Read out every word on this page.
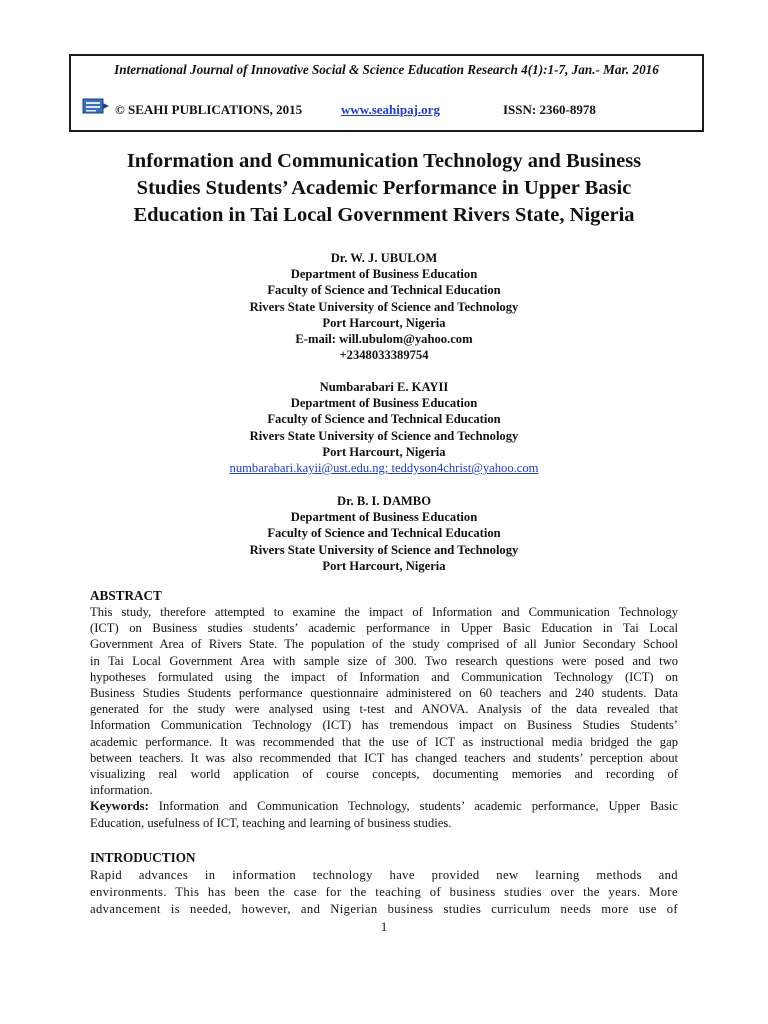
International Journal of Innovative Social & Science Education Research 4(1):1-7, Jan.- Mar. 2016
© SEAHI PUBLICATIONS, 2015	www.seahipaj.org	ISSN: 2360-8978
Information and Communication Technology and Business
Studies Students’ Academic Performance in Upper Basic
Education in Tai Local Government Rivers State, Nigeria
Dr. W. J. UBULOM
Department of Business Education
Faculty of Science and Technical Education
Rivers State University of Science and Technology
Port Harcourt, Nigeria
E-mail: will.ubulom@yahoo.com
+2348033389754
Numbarabari E. KAYII
Department of Business Education
Faculty of Science and Technical Education
Rivers State University of Science and Technology
Port Harcourt, Nigeria
numbarabari.kayii@ust.edu.ng; teddyson4christ@yahoo.com
Dr. B. I. DAMBO
Department of Business Education
Faculty of Science and Technical Education
Rivers State University of Science and Technology
Port Harcourt, Nigeria
ABSTRACT
This study, therefore attempted to examine the impact of Information and Communication Technology
(ICT) on Business studies students’ academic performance in Upper Basic Education in Tai Local
Government Area of Rivers State. The population of the study comprised of all Junior Secondary School
in Tai Local Government Area with sample size of 300. Two research questions were posed and two
hypotheses formulated using the impact of Information and Communication Technology (ICT) on
Business Studies Students performance questionnaire administered on 60 teachers and 240 students. Data
generated for the study were analysed using t-test and ANOVA. Analysis of the data revealed that
Information Communication Technology (ICT) has tremendous impact on Business Studies Students’
academic performance. It was recommended that the use of ICT as instructional media bridged the gap
between teachers. It was also recommended that ICT has changed teachers and students’ perception about
visualizing real world application of course concepts, documenting memories and recording of
information.
Keywords: Information and Communication Technology, students’ academic performance, Upper Basic
Education, usefulness of ICT, teaching and learning of business studies.
INTRODUCTION
Rapid advances in information technology have provided new learning methods and
environments. This has been the case for the teaching of business studies over the years. More
advancement is needed, however, and Nigerian business studies curriculum needs more use of
1
